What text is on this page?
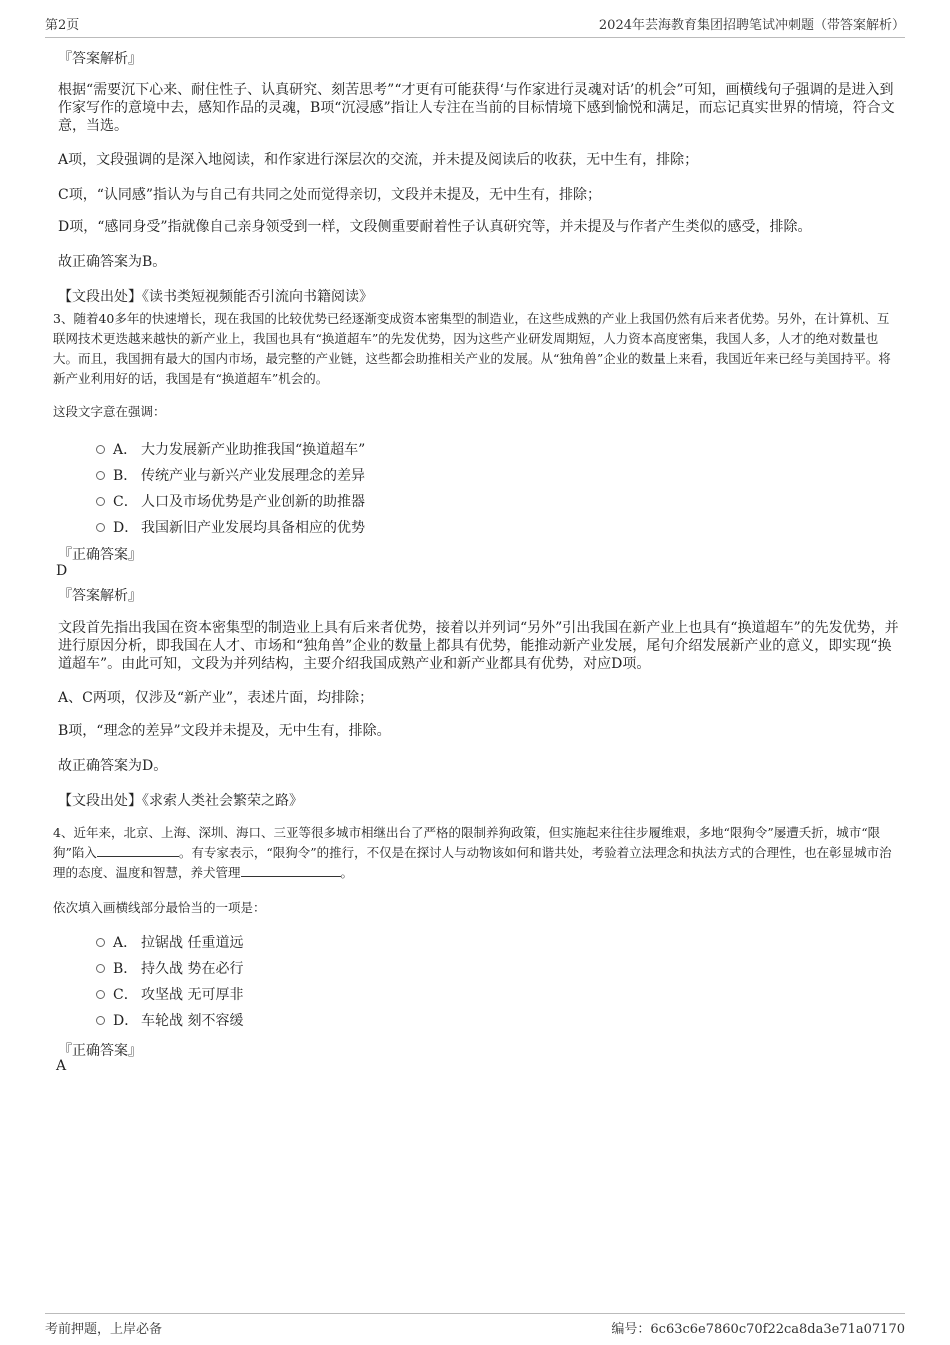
第2页	2024年芸海教育集团招聘笔试冲刺题（带答案解析）
『答案解析』
根据“需要沉下心来、耐住性子、认真研究、刻苦思考”“才更有可能获得‘与作家进行灵魂对话’的机会”可知，画横线句子强调的是进入到作家写作的意境中去，感知作品的灵魂，B项“沉浸感”指让人专注在当前的目标情境下感到愉悦和满足，而忘记真实世界的情境，符合文意，当选。
A项，文段强调的是深入地阅读，和作家进行深层次的交流，并未提及阅读后的收获，无中生有，排除；
C项，“认同感”指认为与自己有共同之处而觉得亲切，文段并未提及，无中生有，排除；
D项，“感同身受”指就像自己亲身领受到一样，文段侧重要耐着性子认真研究等，并未提及与作者产生类似的感受，排除。
故正确答案为B。
【文段出处】《读书类短视频能否引流向书籍阅读》
3、随着40多年的快速增长，现在我国的比较优势已经逐渐变成资本密集型的制造业，在这些成熟的产业上我国仍然有后来者优势。另外，在计算机、互联网技术更迭越来越快的新产业上，我国也具有“换道超车”的先发优势，因为这些产业研发周期短，人力资本高度密集，我国人多，人才的绝对数量也大。而且，我国拥有最大的国内市场，最完整的产业链，这些都会助推相关产业的发展。从“独角兽”企业的数量上来看，我国近年来已经与美国持平。将新产业利用好的话，我国是有“换道超车”机会的。
这段文字意在强调：
A． 大力发展新产业助推我国“换道超车”
B． 传统产业与新兴产业发展理念的差异
C． 人口及市场优势是产业创新的助推器
D． 我国新旧产业发展均具备相应的优势
『正确答案』
D
『答案解析』
文段首先指出我国在资本密集型的制造业上具有后来者优势，接着以并列词“另外”引出我国在新产业上也具有“换道超车”的先发优势，并进行原因分析，即我国在人才、市场和“独角兽”企业的数量上都具有优势，能推动新产业发展，尾句介绍发展新产业的意义，即实现“换道超车”。由此可知，文段为并列结构，主要介绍我国成熟产业和新产业都具有优势，对应D项。
A、C两项，仅涉及“新产业”，表述片面，均排除；
B项，“理念的差异”文段并未提及，无中生有，排除。
故正确答案为D。
【文段出处】《求索人类社会繁荣之路》
4、近年来，北京、上海、深圳、海口、三亚等很多城市相继出台了严格的限制养狗政策，但实施起来往往步履维艰，多地“限狗令”屡遭夭折，城市“限狗”陷入	。有专家表示，“限狗令”的推行，不仅是在探讨人与动物该如何和谐共处，考验着立法理念和执法方式的合理性，也在彰显城市治理的态度、温度和智慧，养犬管理	。
依次填入画横线部分最恰当的一项是：
A． 拉锯战 任重道远
B． 持久战 势在必行
C． 攻坚战 无可厚非
D． 车轮战 刻不容缓
『正确答案』
A
考前押题，上岸必备	编号：6c63c6e7860c70f22ca8da3e71a07170
